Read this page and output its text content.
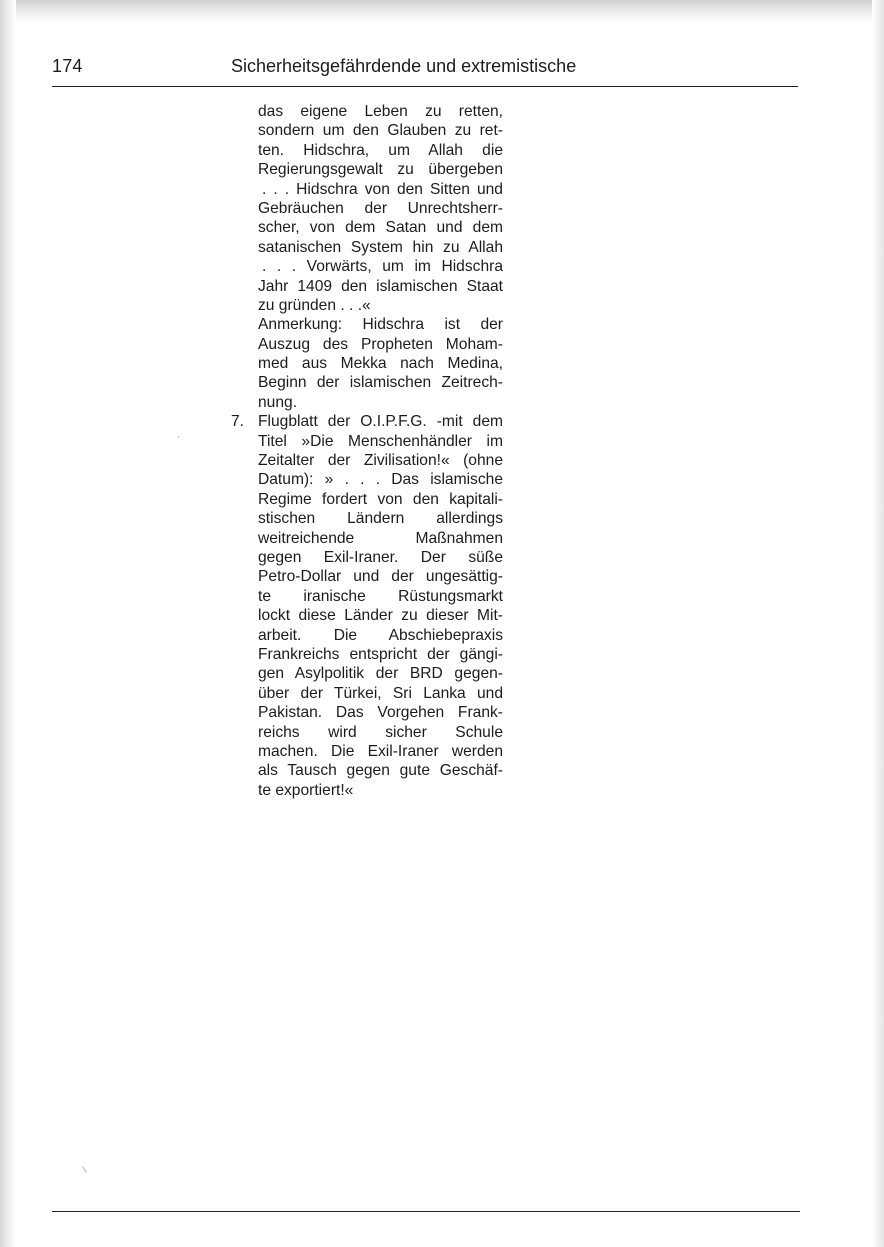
174	Sicherheitsgefährdende und extremistische
das eigene Leben zu retten,
sondern um den Glauben zu ret-
ten. Hidschra, um Allah die
Regierungsgewalt zu übergeben
. . . Hidschra von den Sitten und
Gebräuchen der Unrechtsherr-
scher, von dem Satan und dem
satanischen System hin zu Allah
. . . Vorwärts, um im Hidschra
Jahr 1409 den islamischen Staat
zu gründen . . .«
Anmerkung: Hidschra ist der
Auszug des Propheten Moham-
med aus Mekka nach Medina,
Beginn der islamischen Zeitrech-
nung.
7. Flugblatt der O.I.P.F.G. -mit dem
Titel »Die Menschenhändler im
Zeitalter der Zivilisation!« (ohne
Datum): » . . . Das islamische
Regime fordert von den kapitali-
stischen Ländern allerdings
weitreichende Maßnahmen
gegen Exil-Iraner. Der süße
Petro-Dollar und der ungesättig-
te iranische Rüstungsmarkt
lockt diese Länder zu dieser Mit-
arbeit. Die Abschiebepraxis
Frankreichs entspricht der gängi-
gen Asylpolitik der BRD gegen-
über der Türkei, Sri Lanka und
Pakistan. Das Vorgehen Frank-
reichs wird sicher Schule
machen. Die Exil-Iraner werden
als Tausch gegen gute Geschäf-
te exportiert!«
